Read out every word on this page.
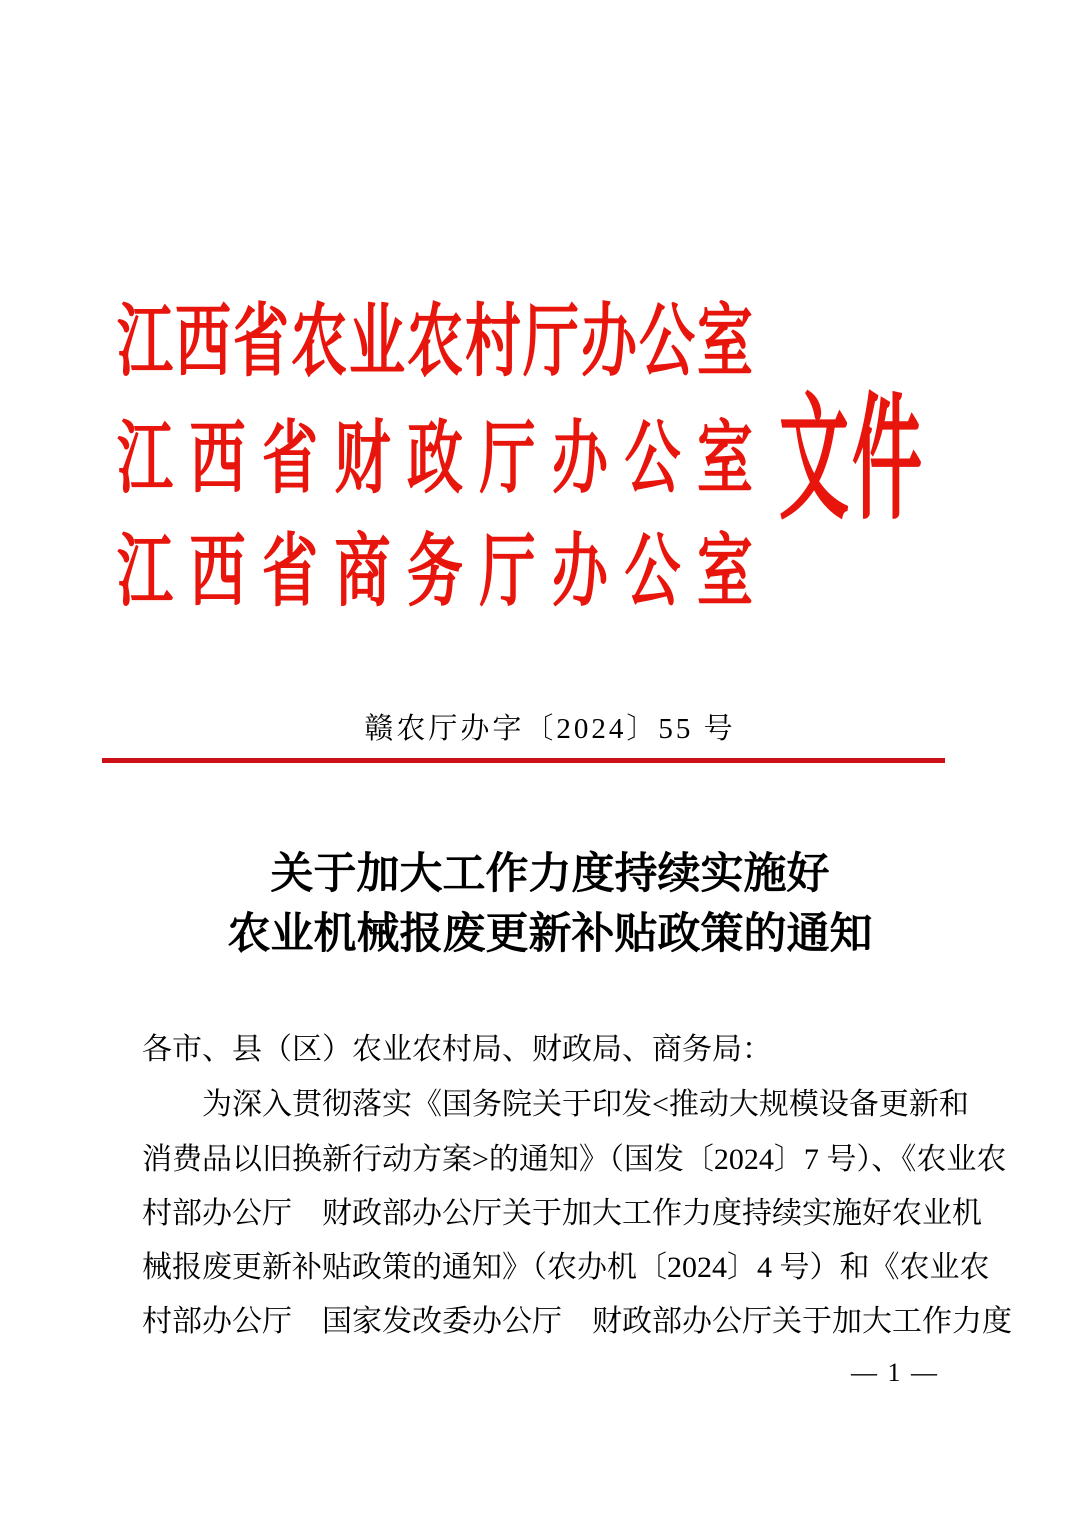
江西省农业农村厅办公室
江西省财政厅办公室
江西省商务厅办公室
文件
赣农厅办字〔2024〕55 号
关于加大工作力度持续实施好
农业机械报废更新补贴政策的通知
各市、县（区）农业农村局、财政局、商务局：
为深入贯彻落实《国务院关于印发<推动大规模设备更新和
消费品以旧换新行动方案>的通知》（国发〔2024〕7 号）、《农业农
村部办公厅　财政部办公厅关于加大工作力度持续实施好农业机
械报废更新补贴政策的通知》（农办机〔2024〕4 号）和《农业农
村部办公厅　国家发改委办公厅　财政部办公厅关于加大工作力度
— 1 —
